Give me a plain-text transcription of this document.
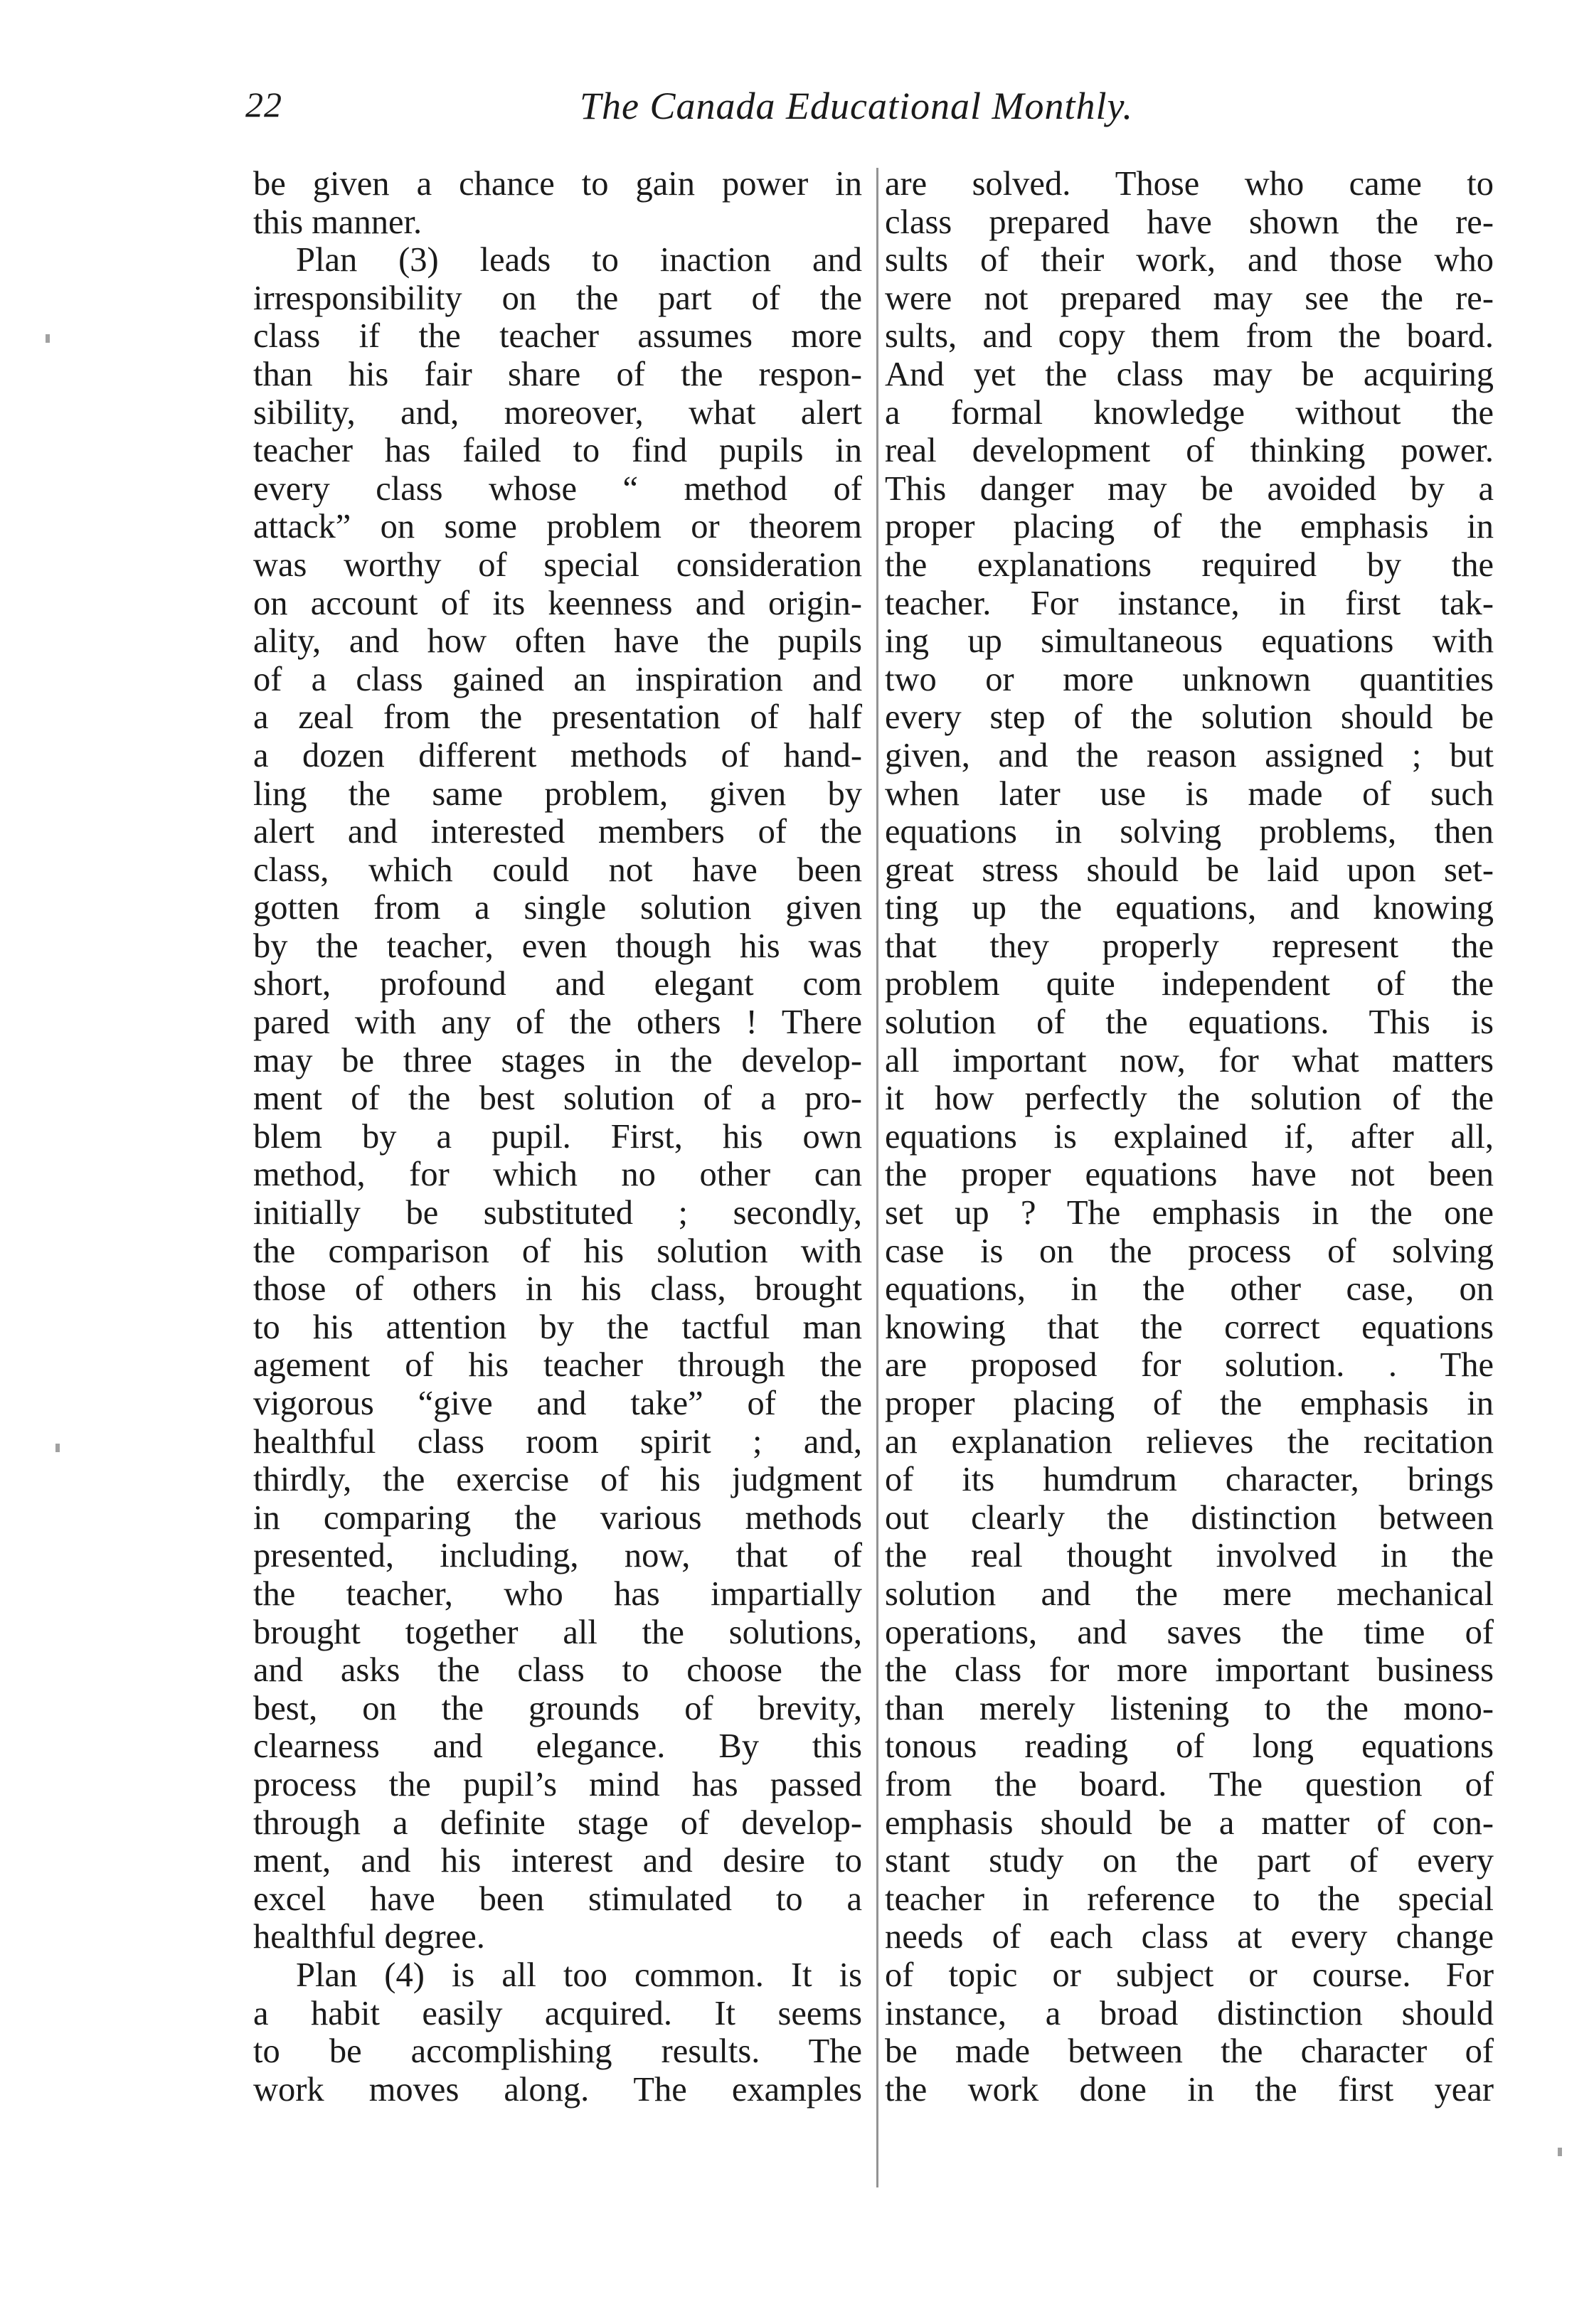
22	The Canada Educational Monthly.
be given a chance to gain power in
this manner.
Plan (3) leads to inaction and
irresponsibility on the part of the
class if the teacher assumes more
than his fair share of the respon-
sibility, and, moreover, what alert
teacher has failed to find pupils in
every class whose “ method of
attack” on some problem or theorem
was worthy of special consideration
on account of its keenness and origin-
ality, and how often have the pupils
of a class gained an inspiration and
a zeal from the presentation of half
a dozen different methods of hand-
ling the same problem, given by
alert and interested members of the
class, which could not have been
gotten from a single solution given
by the teacher, even though his was
short, profound and elegant com
pared with any of the others ! There
may be three stages in the develop-
ment of the best solution of a pro-
blem by a pupil. First, his own
method, for which no other can
initially be substituted ; secondly,
the comparison of his solution with
those of others in his class, brought
to his attention by the tactful man
agement of his teacher through the
vigorous “give and take” of the
healthful class room spirit ; and,
thirdly, the exercise of his judgment
in comparing the various methods
presented, including, now, that of
the teacher, who has impartially
brought together all the solutions,
and asks the class to choose the
best, on the grounds of brevity,
clearness and elegance. By this
process the pupil’s mind has passed
through a definite stage of develop-
ment, and his interest and desire to
excel have been stimulated to a
healthful degree.
Plan (4) is all too common. It is
a habit easily acquired. It seems
to be accomplishing results. The
work moves along. The examples
are solved. Those who came to
class prepared have shown the re-
sults of their work, and those who
were not prepared may see the re-
sults, and copy them from the board.
And yet the class may be acquiring
a formal knowledge without the
real development of thinking power.
This danger may be avoided by a
proper placing of the emphasis in
the explanations required by the
teacher. For instance, in first tak-
ing up simultaneous equations with
two or more unknown quantities
every step of the solution should be
given, and the reason assigned ; but
when later use is made of such
equations in solving problems, then
great stress should be laid upon set-
ting up the equations, and knowing
that they properly represent the
problem quite independent of the
solution of the equations. This is
all important now, for what matters
it how perfectly the solution of the
equations is explained if, after all,
the proper equations have not been
set up ? The emphasis in the one
case is on the process of solving
equations, in the other case, on
knowing that the correct equations
are proposed for solution. . The
proper placing of the emphasis in
an explanation relieves the recitation
of its humdrum character, brings
out clearly the distinction between
the real thought involved in the
solution and the mere mechanical
operations, and saves the time of
the class for more important business
than merely listening to the mono-
tonous reading of long equations
from the board. The question of
emphasis should be a matter of con-
stant study on the part of every
teacher in reference to the special
needs of each class at every change
of topic or subject or course. For
instance, a broad distinction should
be made between the character of
the work done in the first year
